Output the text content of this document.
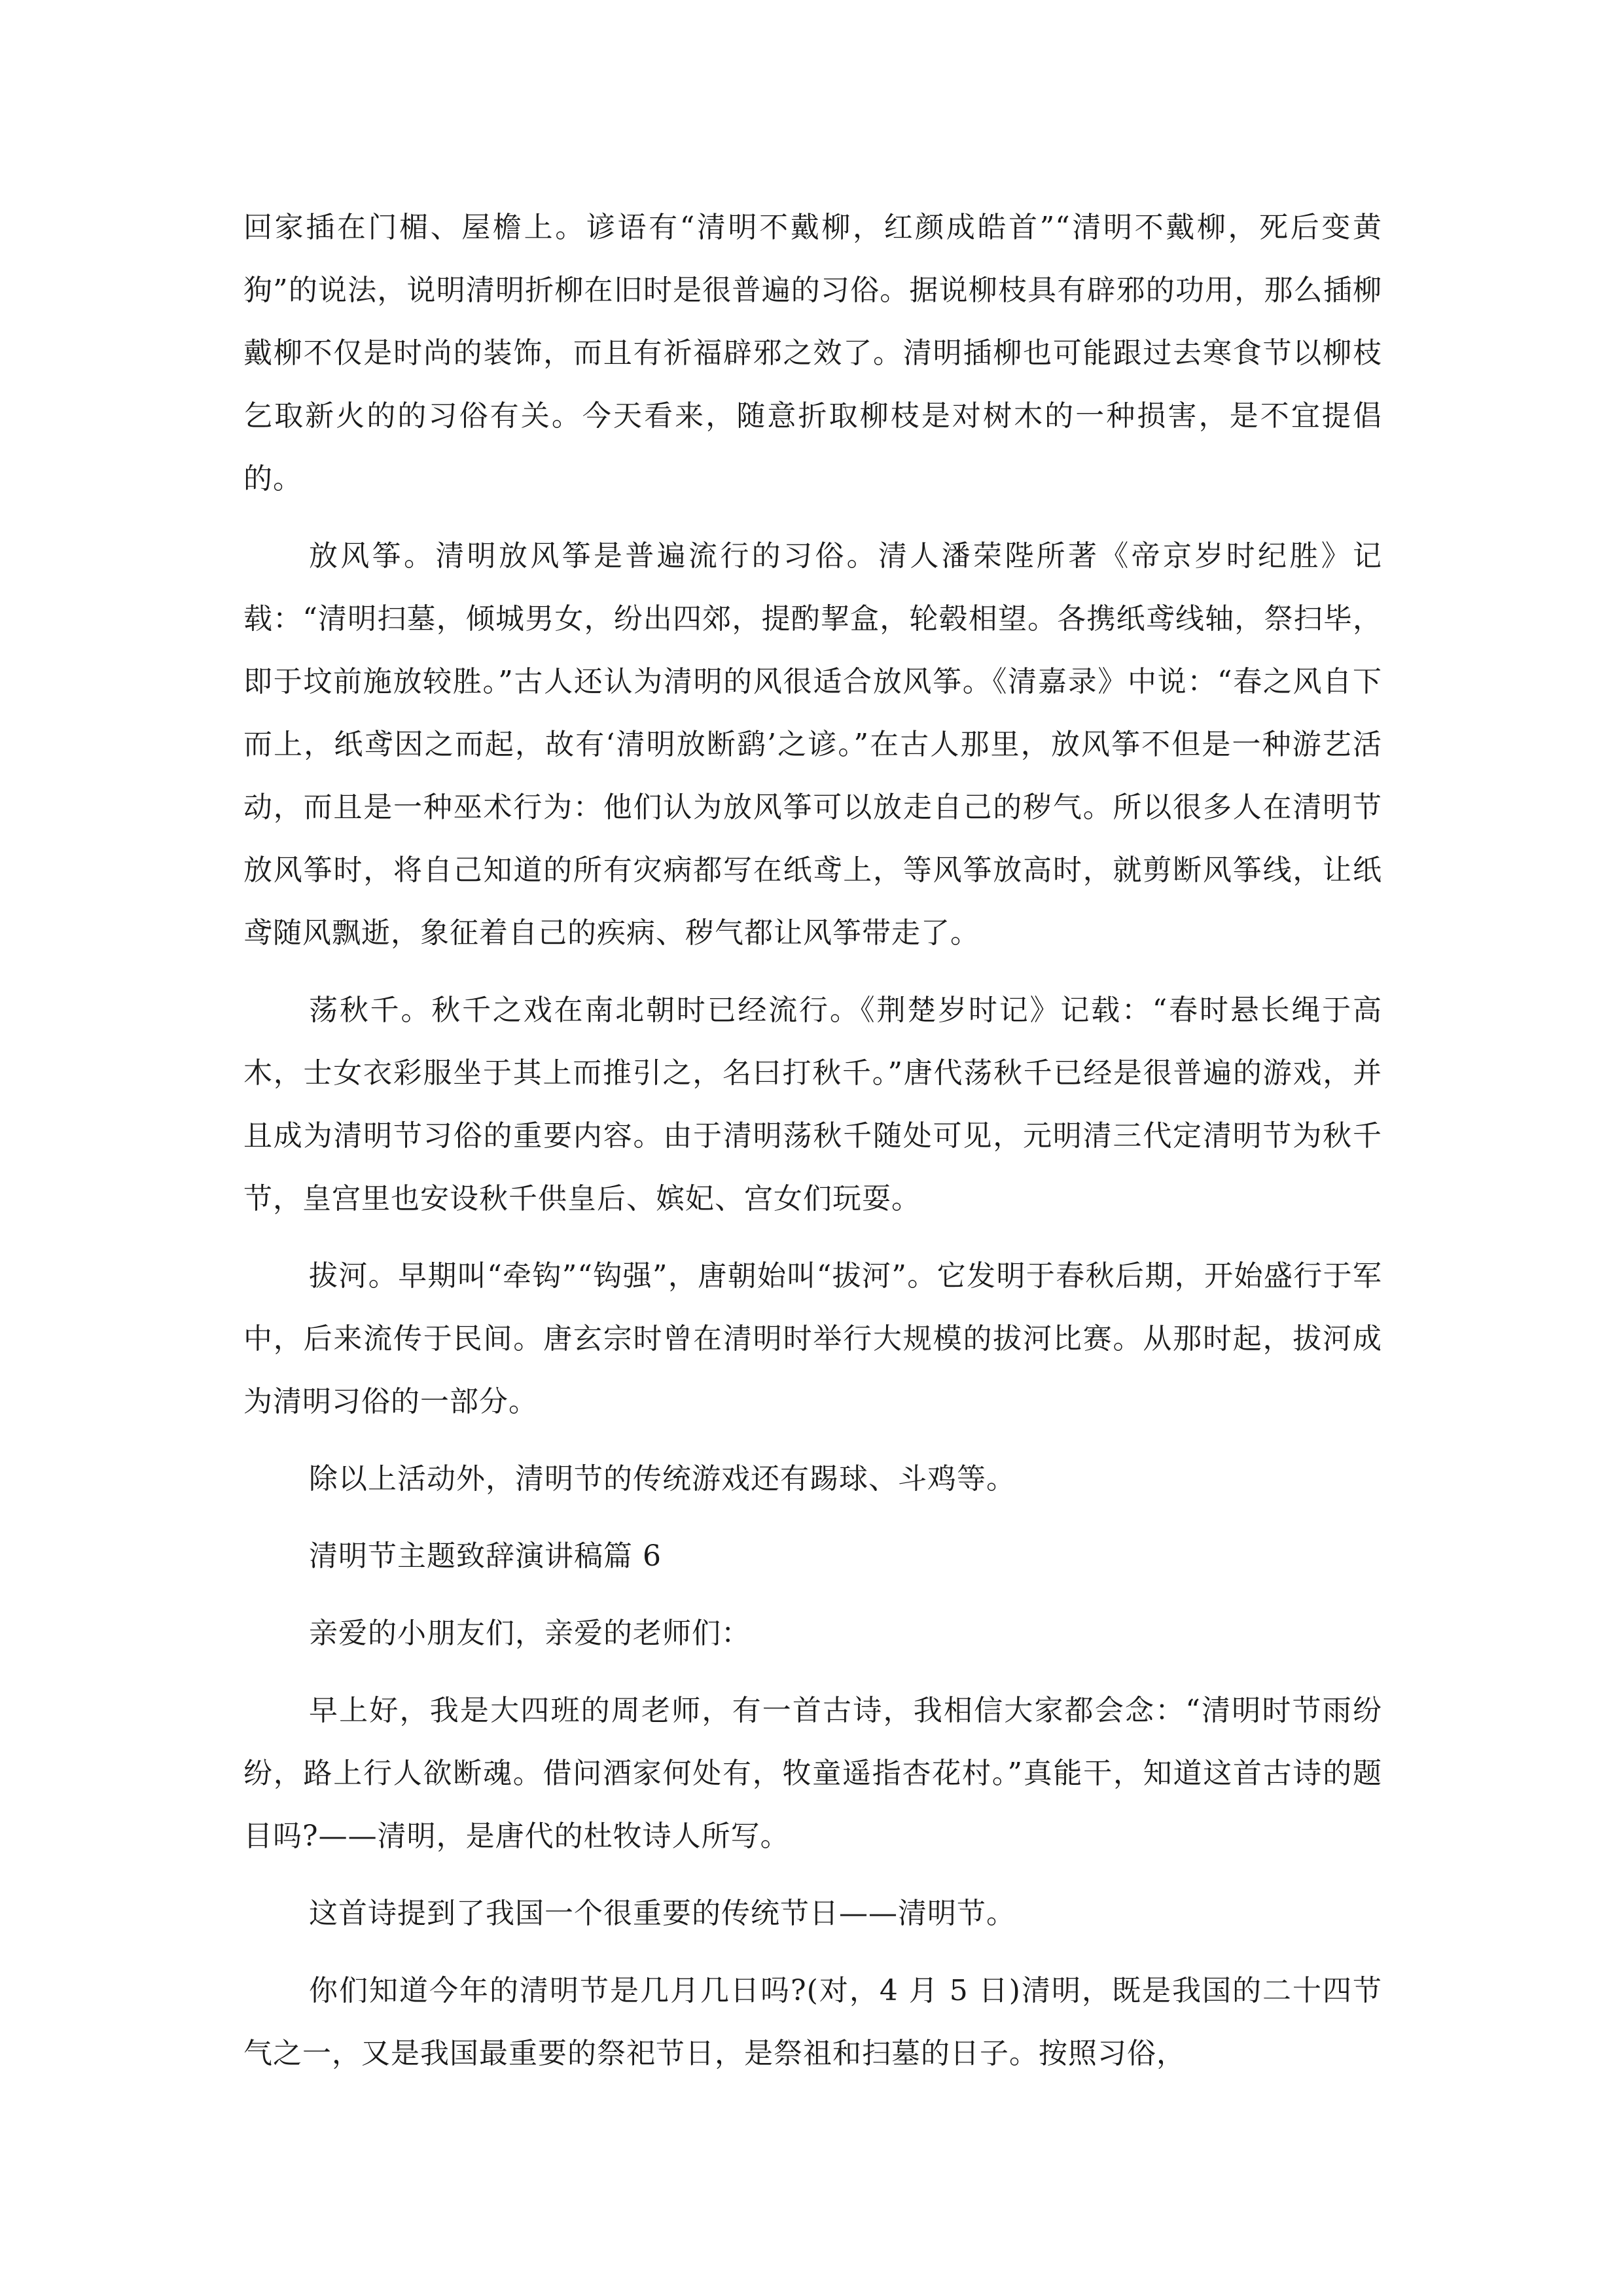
回家插在门楣、屋檐上。谚语有“清明不戴柳，红颜成皓首”“清明不戴柳，死后变黄狗”的说法，说明清明折柳在旧时是很普遍的习俗。据说柳枝具有辟邪的功用，那么插柳戴柳不仅是时尚的装饰，而且有祈福辟邪之效了。清明插柳也可能跟过去寒食节以柳枝乞取新火的的习俗有关。今天看来，随意折取柳枝是对树木的一种损害，是不宜提倡的。

放风筝。清明放风筝是普遍流行的习俗。清人潘荣陛所著《帝京岁时纪胜》记载：“清明扫墓，倾城男女，纷出四郊，提酌挈盒，轮毂相望。各携纸鸢线轴，祭扫毕，即于坟前施放较胜。”古人还认为清明的风很适合放风筝。《清嘉录》中说：“春之风自下而上，纸鸢因之而起，故有‘清明放断鹞’之谚。”在古人那里，放风筝不但是一种游艺活动，而且是一种巫术行为：他们认为放风筝可以放走自己的秽气。所以很多人在清明节放风筝时，将自己知道的所有灾病都写在纸鸢上，等风筝放高时，就剪断风筝线，让纸鸢随风飘逝，象征着自己的疾病、秽气都让风筝带走了。

荡秋千。秋千之戏在南北朝时已经流行。《荆楚岁时记》记载：“春时悬长绳于高木，士女衣彩服坐于其上而推引之，名曰打秋千。”唐代荡秋千已经是很普遍的游戏，并且成为清明节习俗的重要内容。由于清明荡秋千随处可见，元明清三代定清明节为秋千节，皇宫里也安设秋千供皇后、嫔妃、宫女们玩耍。

拔河。早期叫“牵钩”“钩强”，唐朝始叫“拔河”。它发明于春秋后期，开始盛行于军中，后来流传于民间。唐玄宗时曾在清明时举行大规模的拔河比赛。从那时起，拔河成为清明习俗的一部分。

除以上活动外，清明节的传统游戏还有踢球、斗鸡等。

清明节主题致辞演讲稿篇 6

亲爱的小朋友们，亲爱的老师们：

早上好，我是大四班的周老师，有一首古诗，我相信大家都会念：“清明时节雨纷纷，路上行人欲断魂。借问酒家何处有，牧童遥指杏花村。”真能干，知道这首古诗的题目吗?——清明，是唐代的杜牧诗人所写。

这首诗提到了我国一个很重要的传统节日——清明节。

你们知道今年的清明节是几月几日吗?(对，4 月 5 日)清明，既是我国的二十四节气之一，又是我国最重要的祭祀节日，是祭祖和扫墓的日子。按照习俗，
